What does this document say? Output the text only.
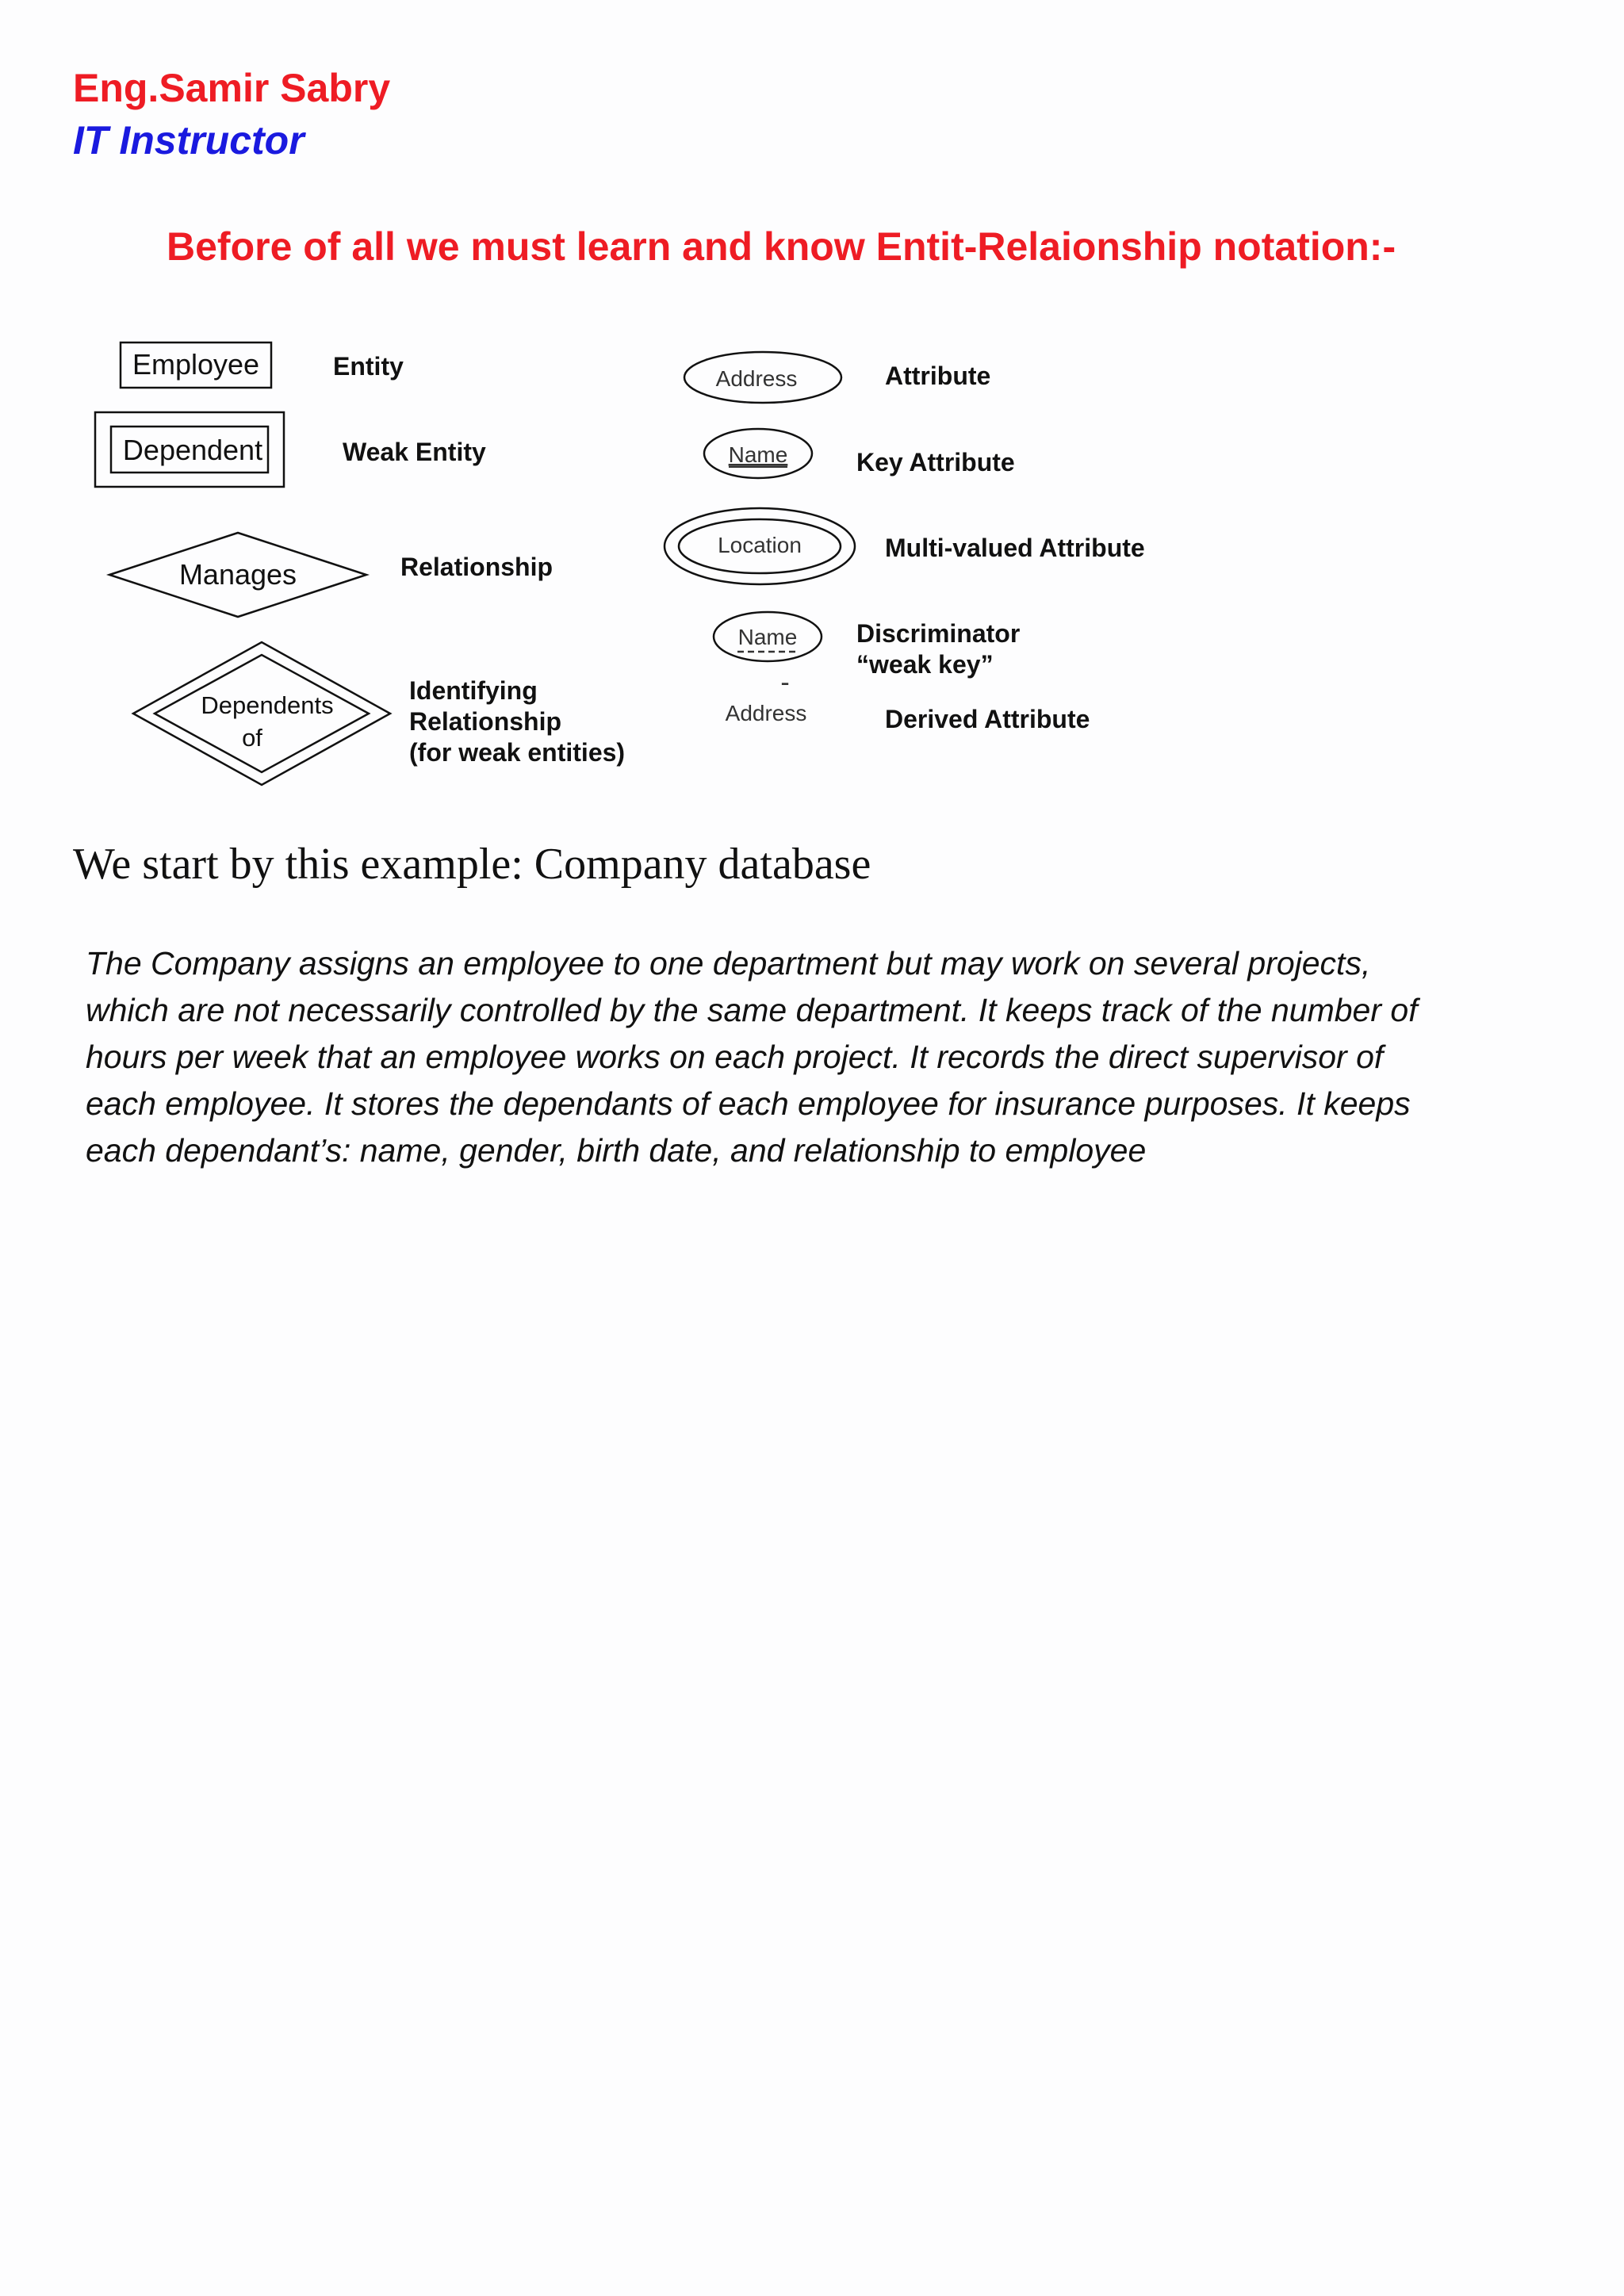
Eng.Samir Sabry
IT Instructor
Before of all we must learn and know Entit-Relaionship notation:-
Employee	Entity
Dependent	Weak Entity
Manages	Relationship
Dependents
of
Identifying
Relationship
(for weak entities)
Address	Attribute
Name	Key Attribute
Location	Multi-valued Attribute
Name Discriminator
“weak key”
-
Address	Derived Attribute
We start by this example: Company database
The Company assigns an employee to one department but may work on several projects,
which are not necessarily controlled by the same department. It keeps track of the number of
hours per week that an employee works on each project. It records the direct supervisor of
each employee. It stores the dependants of each employee for insurance purposes. It keeps
each dependant’s: name, gender, birth date, and relationship to employee
